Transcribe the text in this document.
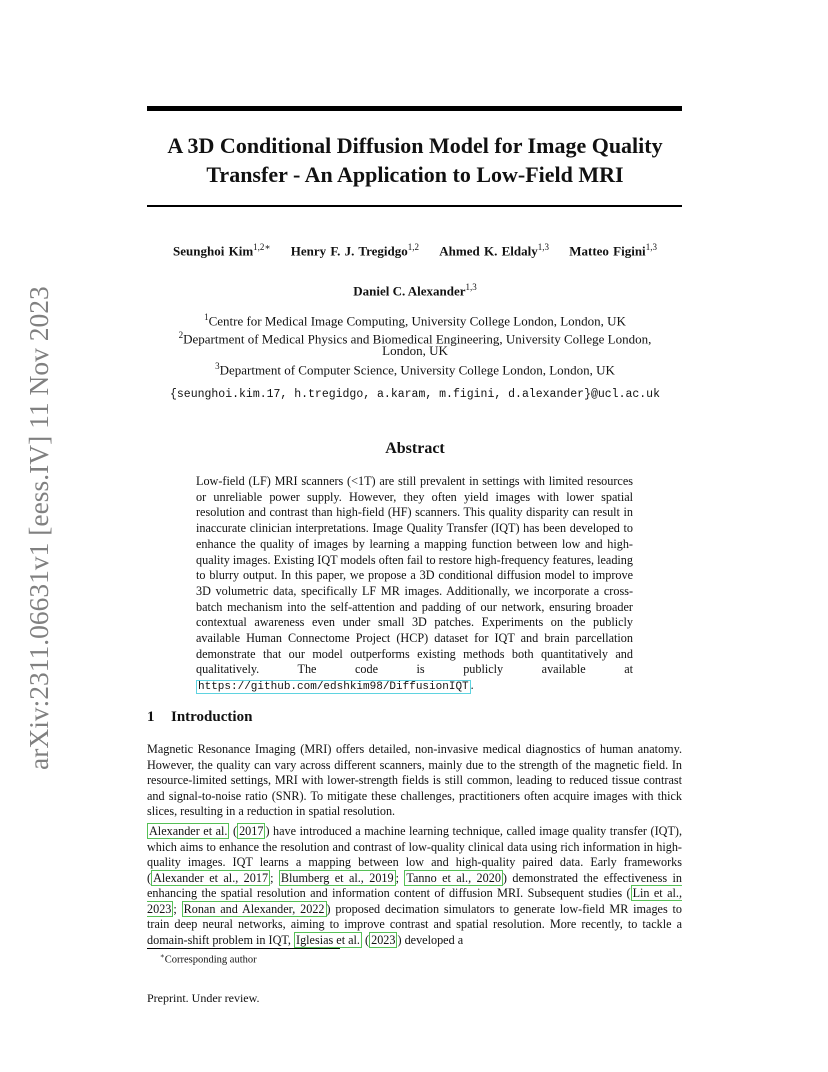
arXiv:2311.06631v1 [eess.IV] 11 Nov 2023
A 3D Conditional Diffusion Model for Image Quality
Transfer - An Application to Low-Field MRI
Seunghoi Kim$^{1,2∗}$ Henry F. J. Tregidgo$^{1,2}$ Ahmed K. Eldaly$^{1,3}$ Matteo Figini$^{1,3}$
Daniel C. Alexander$^{1,3}$
$^1$Centre for Medical Image Computing, University College London, London, UK
$^2$Department of Medical Physics and Biomedical Engineering, University College London,
London, UK
$^3$Department of Computer Science, University College London, London, UK
{seunghoi.kim.17, h.tregidgo, a.karam, m.figini, d.alexander}@ucl.ac.uk
Abstract
Low-field (LF) MRI scanners (<1T) are still prevalent in settings with limited resources or unreliable power supply. However, they often yield images with lower spatial resolution and contrast than high-field (HF) scanners. This quality disparity can result in inaccurate clinician interpretations. Image Quality Transfer (IQT) has been developed to enhance the quality of images by learning a mapping function between low and high-quality images. Existing IQT models often fail to restore high-frequency features, leading to blurry output. In this paper, we propose a 3D conditional diffusion model to improve 3D volumetric data, specifically LF MR images. Additionally, we incorporate a cross-batch mechanism into the self-attention and padding of our network, ensuring broader contextual awareness even under small 3D patches. Experiments on the publicly available Human Connectome Project (HCP) dataset for IQT and brain parcellation demonstrate that our model outperforms existing methods both quantitatively and qualitatively. The code is publicly available at https://github.com/edshkim98/DiffusionIQT .
1 Introduction
Magnetic Resonance Imaging (MRI) offers detailed, non-invasive medical diagnostics of human anatomy. However, the quality can vary across different scanners, mainly due to the strength of the magnetic field. In resource-limited settings, MRI with lower-strength fields is still common, leading to reduced tissue contrast and signal-to-noise ratio (SNR). To mitigate these challenges, practitioners often acquire images with thick slices, resulting in a reduction in spatial resolution.
Alexander et al. ( 2017 ) have introduced a machine learning technique, called image quality transfer (IQT), which aims to enhance the resolution and contrast of low-quality clinical data using rich information in high-quality images. IQT learns a mapping between low and high-quality paired data. Early frameworks ( Alexander et al., 2017 ; Blumberg et al., 2019 ; Tanno et al., 2020 ) demonstrated the effectiveness in enhancing the spatial resolution and information content of diffusion MRI. Subsequent studies ( Lin et al., 2023 ; Ronan and Alexander, 2022 ) proposed decimation simulators to generate low-field MR images to train deep neural networks, aiming to improve contrast and spatial resolution. More recently, to tackle a domain-shift problem in IQT, Iglesias et al. ( 2023 ) developed a
∗Corresponding author
Preprint. Under review.
